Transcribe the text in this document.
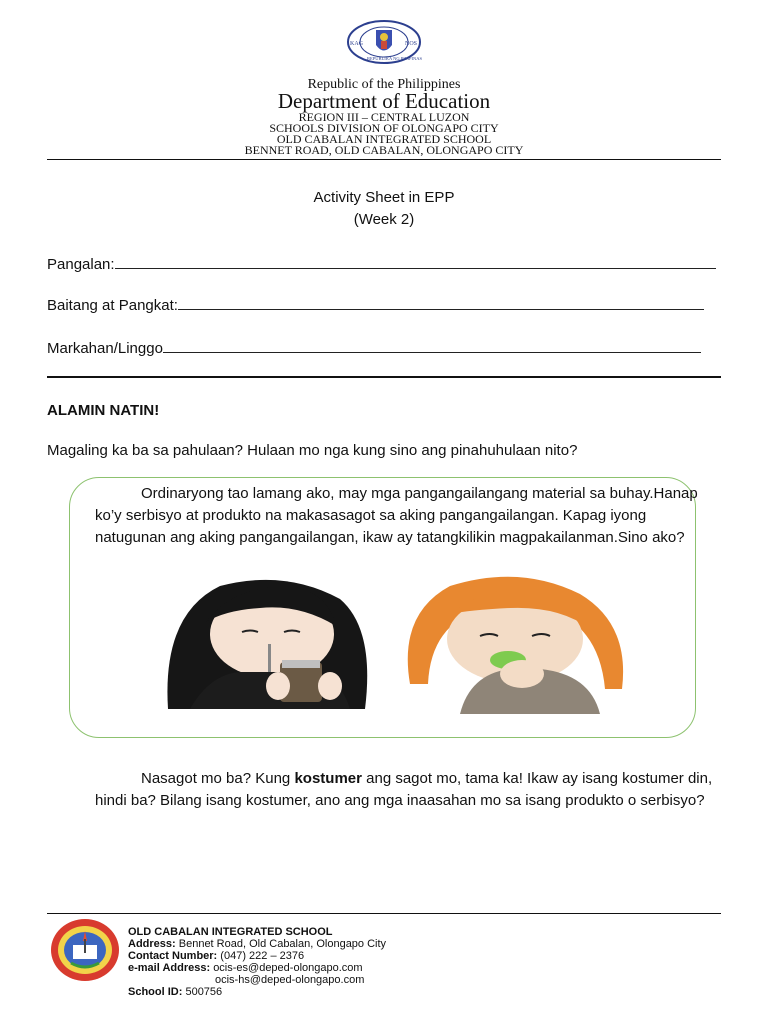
KAG	NOS
REPUBLIKA NG PILIPINAS
Republic of the Philippines
Department of Education
REGION III – CENTRAL LUZON
SCHOOLS DIVISION OF OLONGAPO CITY
OLD CABALAN INTEGRATED SCHOOL
BENNET ROAD, OLD CABALAN, OLONGAPO CITY
Activity Sheet in EPP
(Week 2)
Pangalan:
Baitang at Pangkat:
Markahan/Linggo
ALAMIN NATIN!
Magaling ka ba sa pahulaan? Hulaan mo nga kung sino ang pinahuhulaan nito?
Ordinaryong tao lamang ako, may mga pangangailangang material sa buhay.Hanap ko’y serbisyo at produkto na makasasagot sa aking pangangailangan. Kapag iyong natugunan ang aking pangangailangan, ikaw ay tatangkilikin magpakailanman.Sino ako?
Nasagot mo ba? Kung kostumer ang sagot mo, tama ka! Ikaw ay isang kostumer din, hindi ba? Bilang isang kostumer, ano ang mga inaasahan mo sa isang produkto o serbisyo?
OLD CABALAN INTEGRATED SCHOOL
Address: Bennet Road, Old Cabalan, Olongapo City
Contact Number: (047) 222 – 2376
e-mail Address: ocis-es@deped-olongapo.com
ocis-hs@deped-olongapo.com
School ID: 500756
